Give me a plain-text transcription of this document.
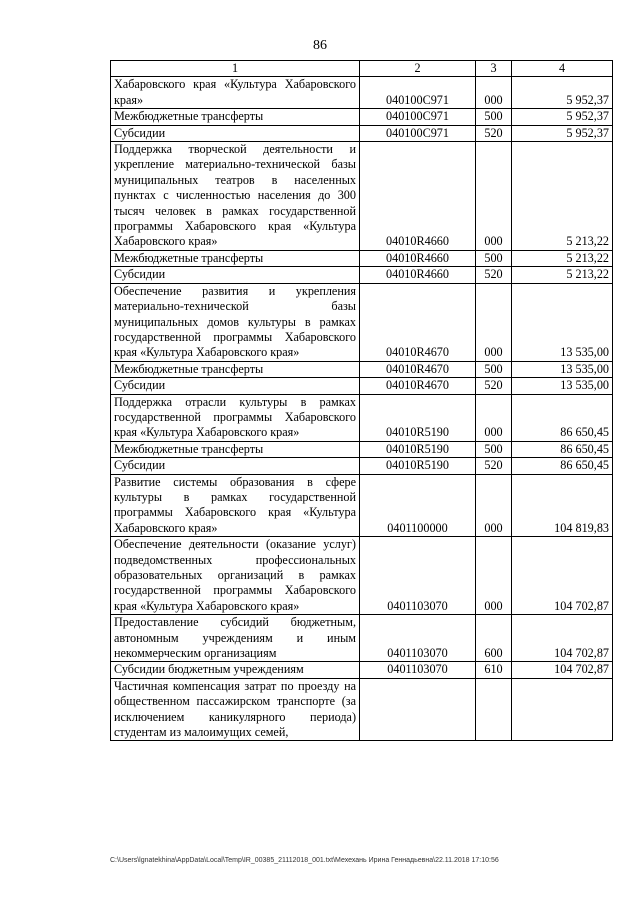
86
1	2	3	4
Хабаровского края «Культура Хабаровского края»	040100С971	000	5 952,37
Межбюджетные трансферты	040100С971	500	5 952,37
Субсидии	040100С971	520	5 952,37
Поддержка творческой деятельности и укрепление материально-технической базы муниципальных театров в населенных пунктах с численностью населения до 300 тысяч человек в рамках государственной программы Хабаровского края «Культура Хабаровского края»	04010R4660	000	5 213,22
Межбюджетные трансферты	04010R4660	500	5 213,22
Субсидии	04010R4660	520	5 213,22
Обеспечение развития и укрепления материально-технической базы муниципальных домов культуры в рамках государственной программы Хабаровского края «Культура Хабаровского края»	04010R4670	000	13 535,00
Межбюджетные трансферты	04010R4670	500	13 535,00
Субсидии	04010R4670	520	13 535,00
Поддержка отрасли культуры в рамках государственной программы Хабаровского края «Культура Хабаровского края»	04010R5190	000	86 650,45
Межбюджетные трансферты	04010R5190	500	86 650,45
Субсидии	04010R5190	520	86 650,45
Развитие системы образования в сфере культуры в рамках государственной программы Хабаровского края «Культура Хабаровского края»	0401100000	000	104 819,83
Обеспечение деятельности (оказание услуг) подведомственных профессиональных образовательных организаций в рамках государственной программы Хабаровского края «Культура Хабаровского края»	0401103070	000	104 702,87
Предоставление субсидий бюджетным, автономным учреждениям и иным некоммерческим организациям	0401103070	600	104 702,87
Субсидии бюджетным учреждениям	0401103070	610	104 702,87
Частичная компенсация затрат по проезду на общественном пассажирском транспорте (за исключением каникулярного периода) студентам из малоимущих семей,			
C:\Users\lgnatekhina\AppData\Local\Temp\IR_00385_21112018_001.txt\Мехехань Ирина Геннадьевна\22.11.2018 17:10:56
